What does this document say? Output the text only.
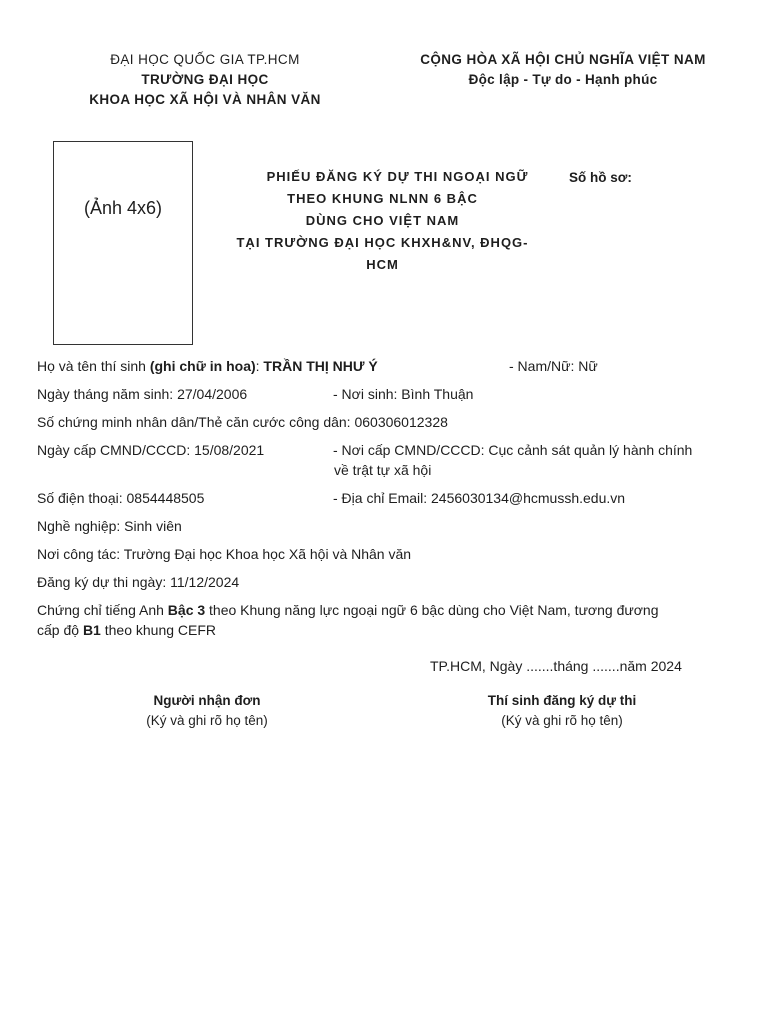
ĐẠI HỌC QUỐC GIA TP.HCM
TRƯỜNG ĐẠI HỌC
KHOA HỌC XÃ HỘI VÀ NHÂN VĂN
CỘNG HÒA XÃ HỘI CHỦ NGHĨA VIỆT NAM
Độc lập - Tự do - Hạnh phúc
(Ảnh 4x6)
PHIẾU ĐĂNG KÝ DỰ THI NGOẠI NGỮ
THEO KHUNG NLNN 6 BẬC
DÙNG CHO VIỆT NAM
TẠI TRƯỜNG ĐẠI HỌC KHXH&NV, ĐHQG-
HCM
Số hồ sơ:
Họ và tên thí sinh (ghi chữ in hoa): TRẦN THỊ NHƯ Ý	- Nam/Nữ: Nữ
Ngày tháng năm sinh: 27/04/2006	- Nơi sinh: Bình Thuận
Số chứng minh nhân dân/Thẻ căn cước công dân: 060306012328
Ngày cấp CMND/CCCD: 15/08/2021	- Nơi cấp CMND/CCCD: Cục cảnh sát quản lý hành chính
về trật tự xã hội
Số điện thoại: 0854448505	- Địa chỉ Email: 2456030134@hcmussh.edu.vn
Nghề nghiệp: Sinh viên
Nơi công tác: Trường Đại học Khoa học Xã hội và Nhân văn
Đăng ký dự thi ngày: 11/12/2024
Chứng chỉ tiếng Anh Bậc 3 theo Khung năng lực ngoại ngữ 6 bậc dùng cho Việt Nam, tương đương
cấp độ B1 theo khung CEFR
TP.HCM, Ngày .......tháng .......năm 2024
Người nhận đơn
(Ký và ghi rõ họ tên)
Thí sinh đăng ký dự thi
(Ký và ghi rõ họ tên)
